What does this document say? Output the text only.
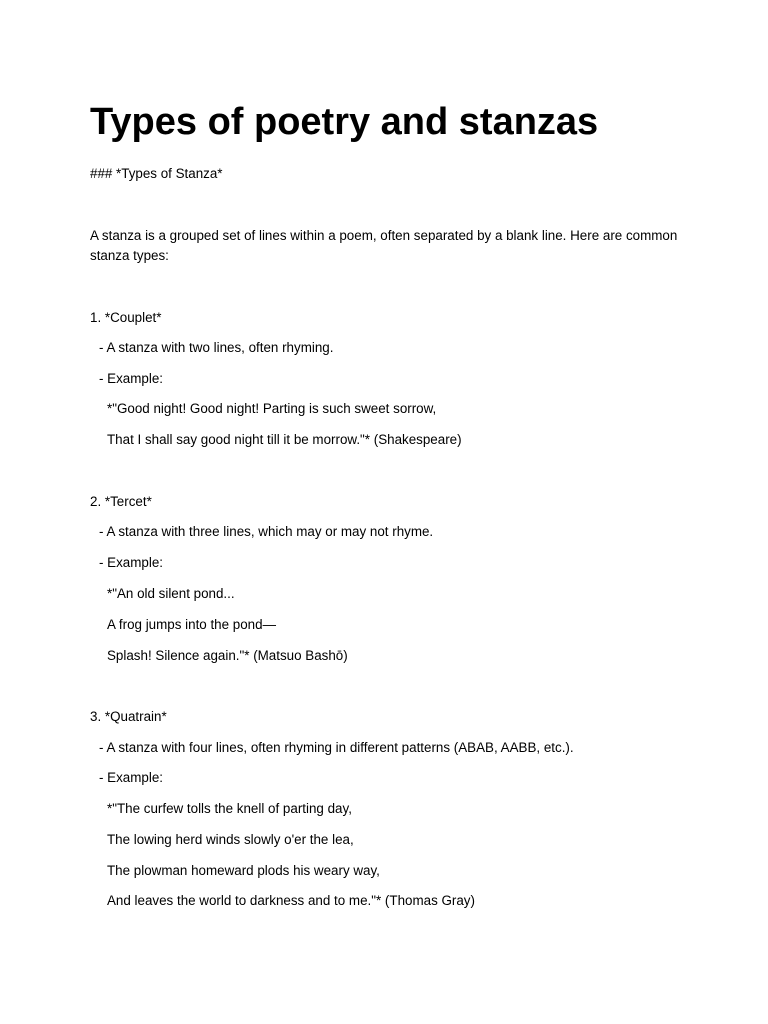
Types of poetry and stanzas

### *Types of Stanza*

A stanza is a grouped set of lines within a poem, often separated by a blank line. Here are common stanza types:

1. *Couplet*

- A stanza with two lines, often rhyming.

- Example:

*"Good night! Good night! Parting is such sweet sorrow,

That I shall say good night till it be morrow."* (Shakespeare)

2. *Tercet*

- A stanza with three lines, which may or may not rhyme.

- Example:

*"An old silent pond...

A frog jumps into the pond—

Splash! Silence again."* (Matsuo Bashō)

3. *Quatrain*

- A stanza with four lines, often rhyming in different patterns (ABAB, AABB, etc.).

- Example:

*"The curfew tolls the knell of parting day,

The lowing herd winds slowly o'er the lea,

The plowman homeward plods his weary way,

And leaves the world to darkness and to me."* (Thomas Gray)
